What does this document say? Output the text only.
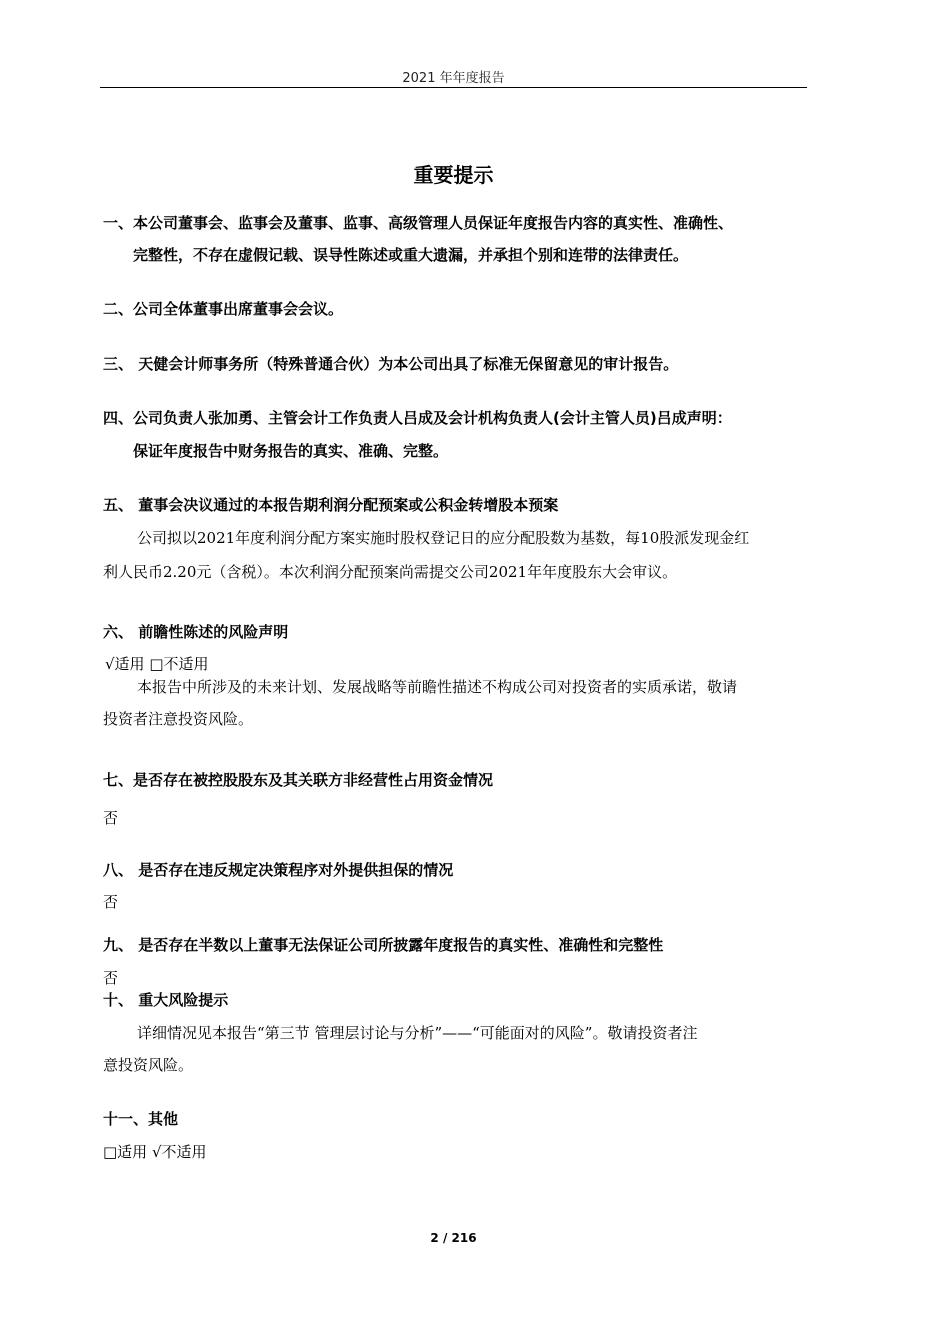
2021 年年度报告
重要提示
一、本公司董事会、监事会及董事、监事、高级管理人员保证年度报告内容的真实性、准确性、
完整性，不存在虚假记载、误导性陈述或重大遗漏，并承担个别和连带的法律责任。
二、公司全体董事出席董事会会议。
三、 天健会计师事务所（特殊普通合伙）为本公司出具了标准无保留意见的审计报告。
四、公司负责人张加勇、主管会计工作负责人吕成及会计机构负责人(会计主管人员)吕成声明：
保证年度报告中财务报告的真实、准确、完整。
五、 董事会决议通过的本报告期利润分配预案或公积金转增股本预案
公司拟以2021年度利润分配方案实施时股权登记日的应分配股数为基数，每10股派发现金红
利人民币2.20元（含税）。本次利润分配预案尚需提交公司2021年年度股东大会审议。
六、 前瞻性陈述的风险声明
√适用 □不适用
本报告中所涉及的未来计划、发展战略等前瞻性描述不构成公司对投资者的实质承诺，敬请
投资者注意投资风险。
七、是否存在被控股股东及其关联方非经营性占用资金情况
否
八、 是否存在违反规定决策程序对外提供担保的情况
否
九、 是否存在半数以上董事无法保证公司所披露年度报告的真实性、准确性和完整性
否
十、 重大风险提示
详细情况见本报告“第三节 管理层讨论与分析”——“可能面对的风险”。敬请投资者注
意投资风险。
十一、其他
□适用 √不适用
2 / 216
